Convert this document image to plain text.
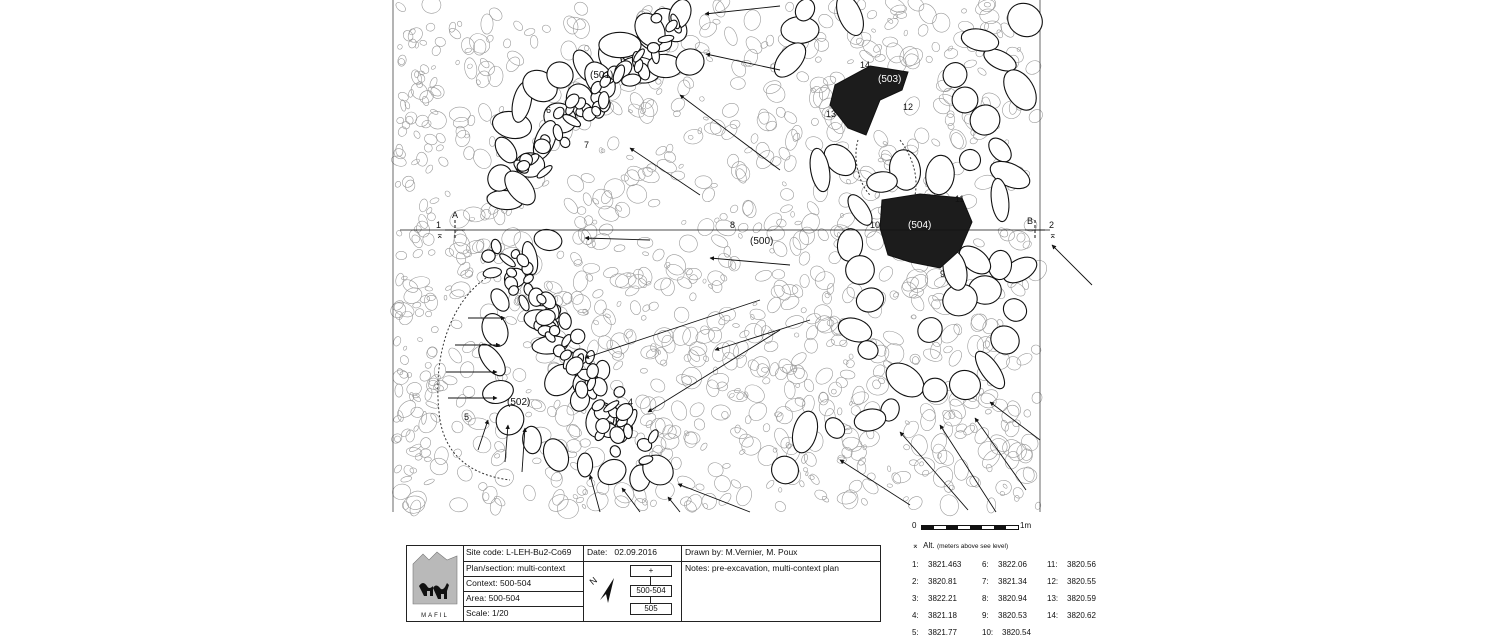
(501)
(500)
(502)
(503)
(504)
1
A
2
B
⌅	⌅
4
5
6
7
8
9
10
11
12
13
14
0	1m
⌅ Alt. (meters above see level)
1: 3821.463
2: 3820.81
3: 3822.21
4: 3821.18
5: 3821.77
6: 3822.06
7: 3821.34
8: 3820.94
9: 3820.53
10: 3820.54
11: 3820.56
12: 3820.55
13: 3820.59
14: 3820.62
MAFIL
Site code: L-LEH-Bu2-Co69	Date: 02.09.2016	Drawn by: M.Vernier, M. Poux
Plan/section: multi-context
Context: 500-504
Area: 500-504
Scale: 1/20
N
+
500-504
505
Notes: pre-excavation, multi-context plan
